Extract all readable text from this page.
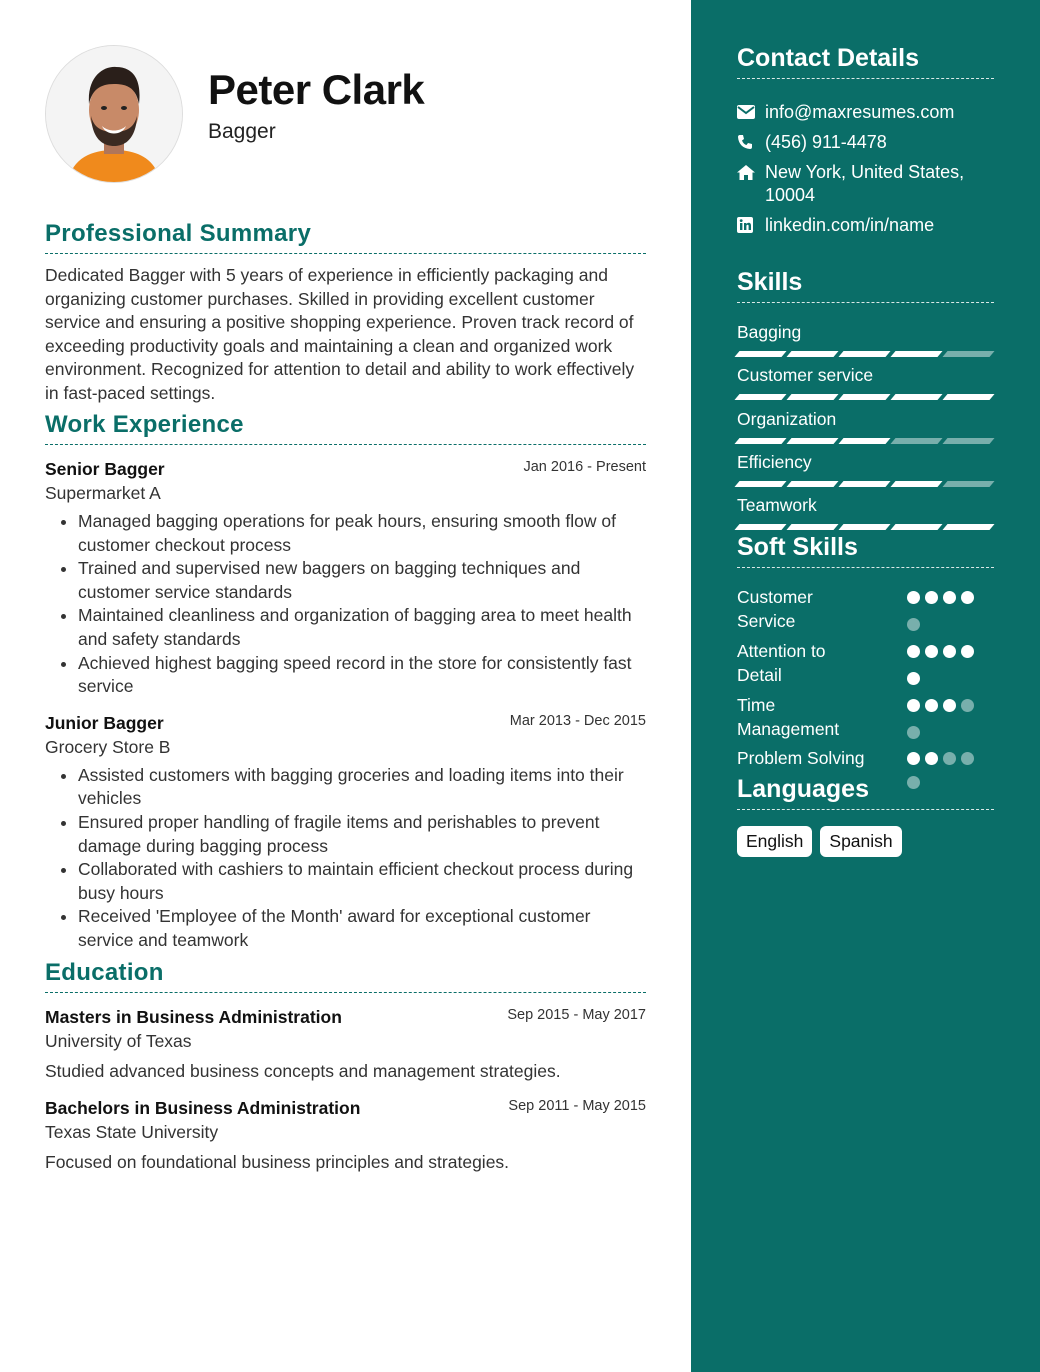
Peter Clark
Bagger
Professional Summary
Dedicated Bagger with 5 years of experience in efficiently packaging and organizing customer purchases. Skilled in providing excellent customer service and ensuring a positive shopping experience. Proven track record of exceeding productivity goals and maintaining a clean and organized work environment. Recognized for attention to detail and ability to work effectively in fast-paced settings.
Work Experience
Senior Bagger	Jan 2016 - Present
Supermarket A
• Managed bagging operations for peak hours, ensuring smooth flow of customer checkout process
• Trained and supervised new baggers on bagging techniques and customer service standards
• Maintained cleanliness and organization of bagging area to meet health and safety standards
• Achieved highest bagging speed record in the store for consistently fast service
Junior Bagger	Mar 2013 - Dec 2015
Grocery Store B
• Assisted customers with bagging groceries and loading items into their vehicles
• Ensured proper handling of fragile items and perishables to prevent damage during bagging process
• Collaborated with cashiers to maintain efficient checkout process during busy hours
• Received 'Employee of the Month' award for exceptional customer service and teamwork
Education
Masters in Business Administration	Sep 2015 - May 2017
University of Texas
Studied advanced business concepts and management strategies.
Bachelors in Business Administration	Sep 2011 - May 2015
Texas State University
Focused on foundational business principles and strategies.
Contact Details
info@maxresumes.com
(456) 911-4478
New York, United States, 10004
linkedin.com/in/name
Skills
Bagging
Customer service
Organization
Efficiency
Teamwork
Soft Skills
Customer Service
Attention to Detail
Time Management
Problem Solving
Languages
English	Spanish
